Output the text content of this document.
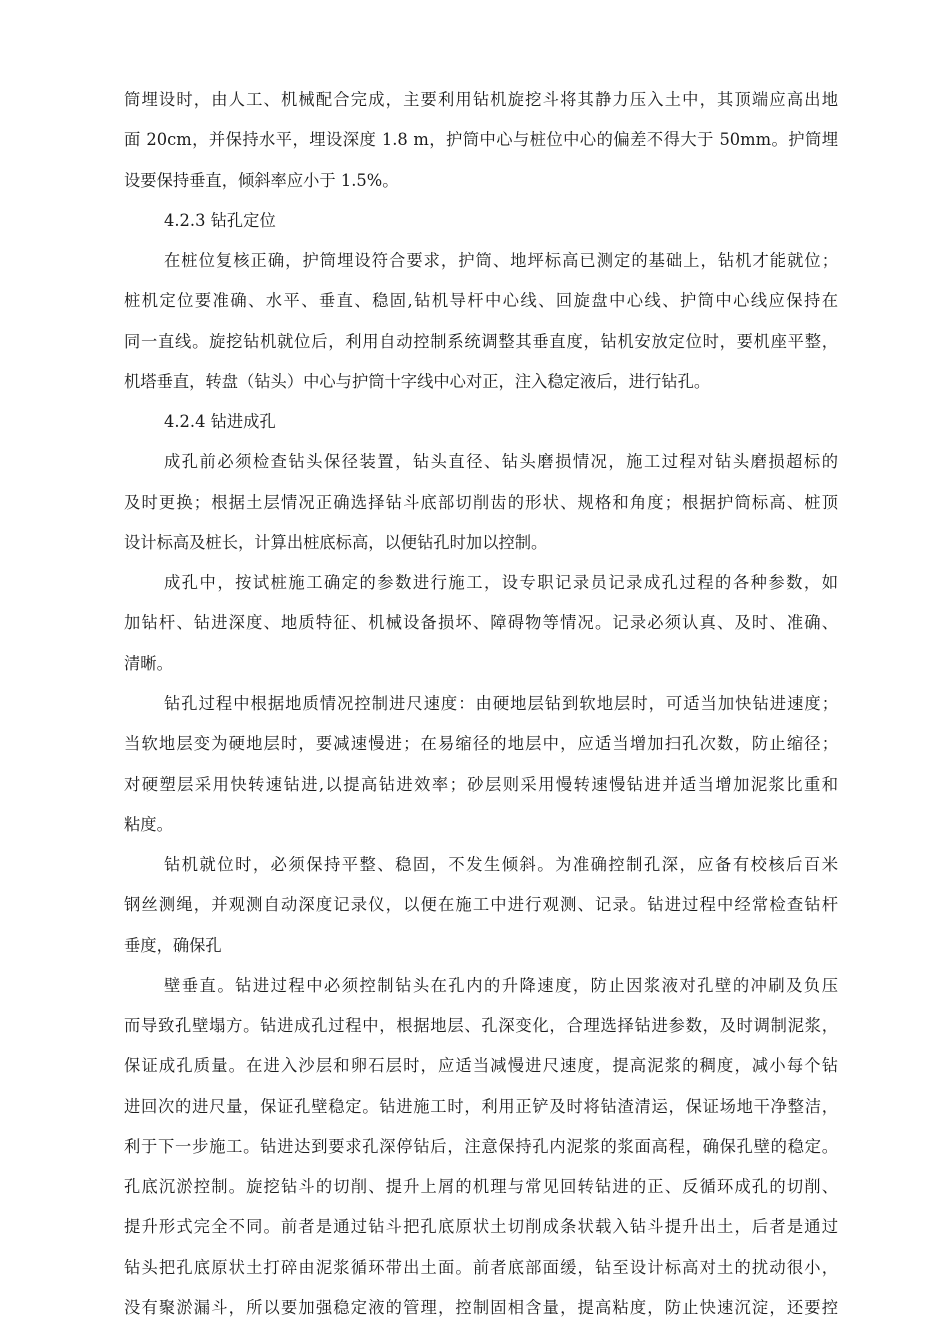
筒埋设时，由人工、机械配合完成，主要利用钻机旋挖斗将其静力压入土中，其顶端应高出地
面 20cm，并保持水平，埋设深度 1.8 m，护筒中心与桩位中心的偏差不得大于 50mm。护筒埋
设要保持垂直，倾斜率应小于 1.5%。
4.2.3 钻孔定位
在桩位复核正确，护筒埋设符合要求，护筒、地坪标高已测定的基础上，钻机才能就位；
桩机定位要准确、水平、垂直、稳固,钻机导杆中心线、回旋盘中心线、护筒中心线应保持在
同一直线。旋挖钻机就位后，利用自动控制系统调整其垂直度，钻机安放定位时，要机座平整，
机塔垂直，转盘（钻头）中心与护筒十字线中心对正，注入稳定液后，进行钻孔。
4.2.4 钻进成孔
成孔前必须检查钻头保径装置，钻头直径、钻头磨损情况，施工过程对钻头磨损超标的
及时更换；根据土层情况正确选择钻斗底部切削齿的形状、规格和角度；根据护筒标高、桩顶
设计标高及桩长，计算出桩底标高，以便钻孔时加以控制。
成孔中，按试桩施工确定的参数进行施工，设专职记录员记录成孔过程的各种参数，如
加钻杆、钻进深度、地质特征、机械设备损坏、障碍物等情况。记录必须认真、及时、准确、
清晰。
钻孔过程中根据地质情况控制进尺速度：由硬地层钻到软地层时，可适当加快钻进速度；
当软地层变为硬地层时，要减速慢进；在易缩径的地层中，应适当增加扫孔次数，防止缩径；
对硬塑层采用快转速钻进,以提高钻进效率；砂层则采用慢转速慢钻进并适当增加泥浆比重和
粘度。
钻机就位时，必须保持平整、稳固，不发生倾斜。为准确控制孔深，应备有校核后百米
钢丝测绳，并观测自动深度记录仪，以便在施工中进行观测、记录。钻进过程中经常检查钻杆
垂度，确保孔
壁垂直。钻进过程中必须控制钻头在孔内的升降速度，防止因浆液对孔壁的冲刷及负压
而导致孔壁塌方。钻进成孔过程中，根据地层、孔深变化，合理选择钻进参数，及时调制泥浆，
保证成孔质量。在进入沙层和卵石层时，应适当减慢进尺速度，提高泥浆的稠度，减小每个钻
进回次的进尺量，保证孔壁稳定。钻进施工时，利用正铲及时将钻渣清运，保证场地干净整洁，
利于下一步施工。钻进达到要求孔深停钻后，注意保持孔内泥浆的浆面高程，确保孔壁的稳定。
孔底沉淤控制。旋挖钻斗的切削、提升上屑的机理与常见回转钻进的正、反循环成孔的切削、
提升形式完全不同。前者是通过钻斗把孔底原状土切削成条状载入钻斗提升出土，后者是通过
钻头把孔底原状土打碎由泥浆循环带出土面。前者底部面缓，钻至设计标高对土的扰动很小，
没有聚淤漏斗，所以要加强稳定液的管理，控制固相含量，提高粘度，防止快速沉淀，还要控
